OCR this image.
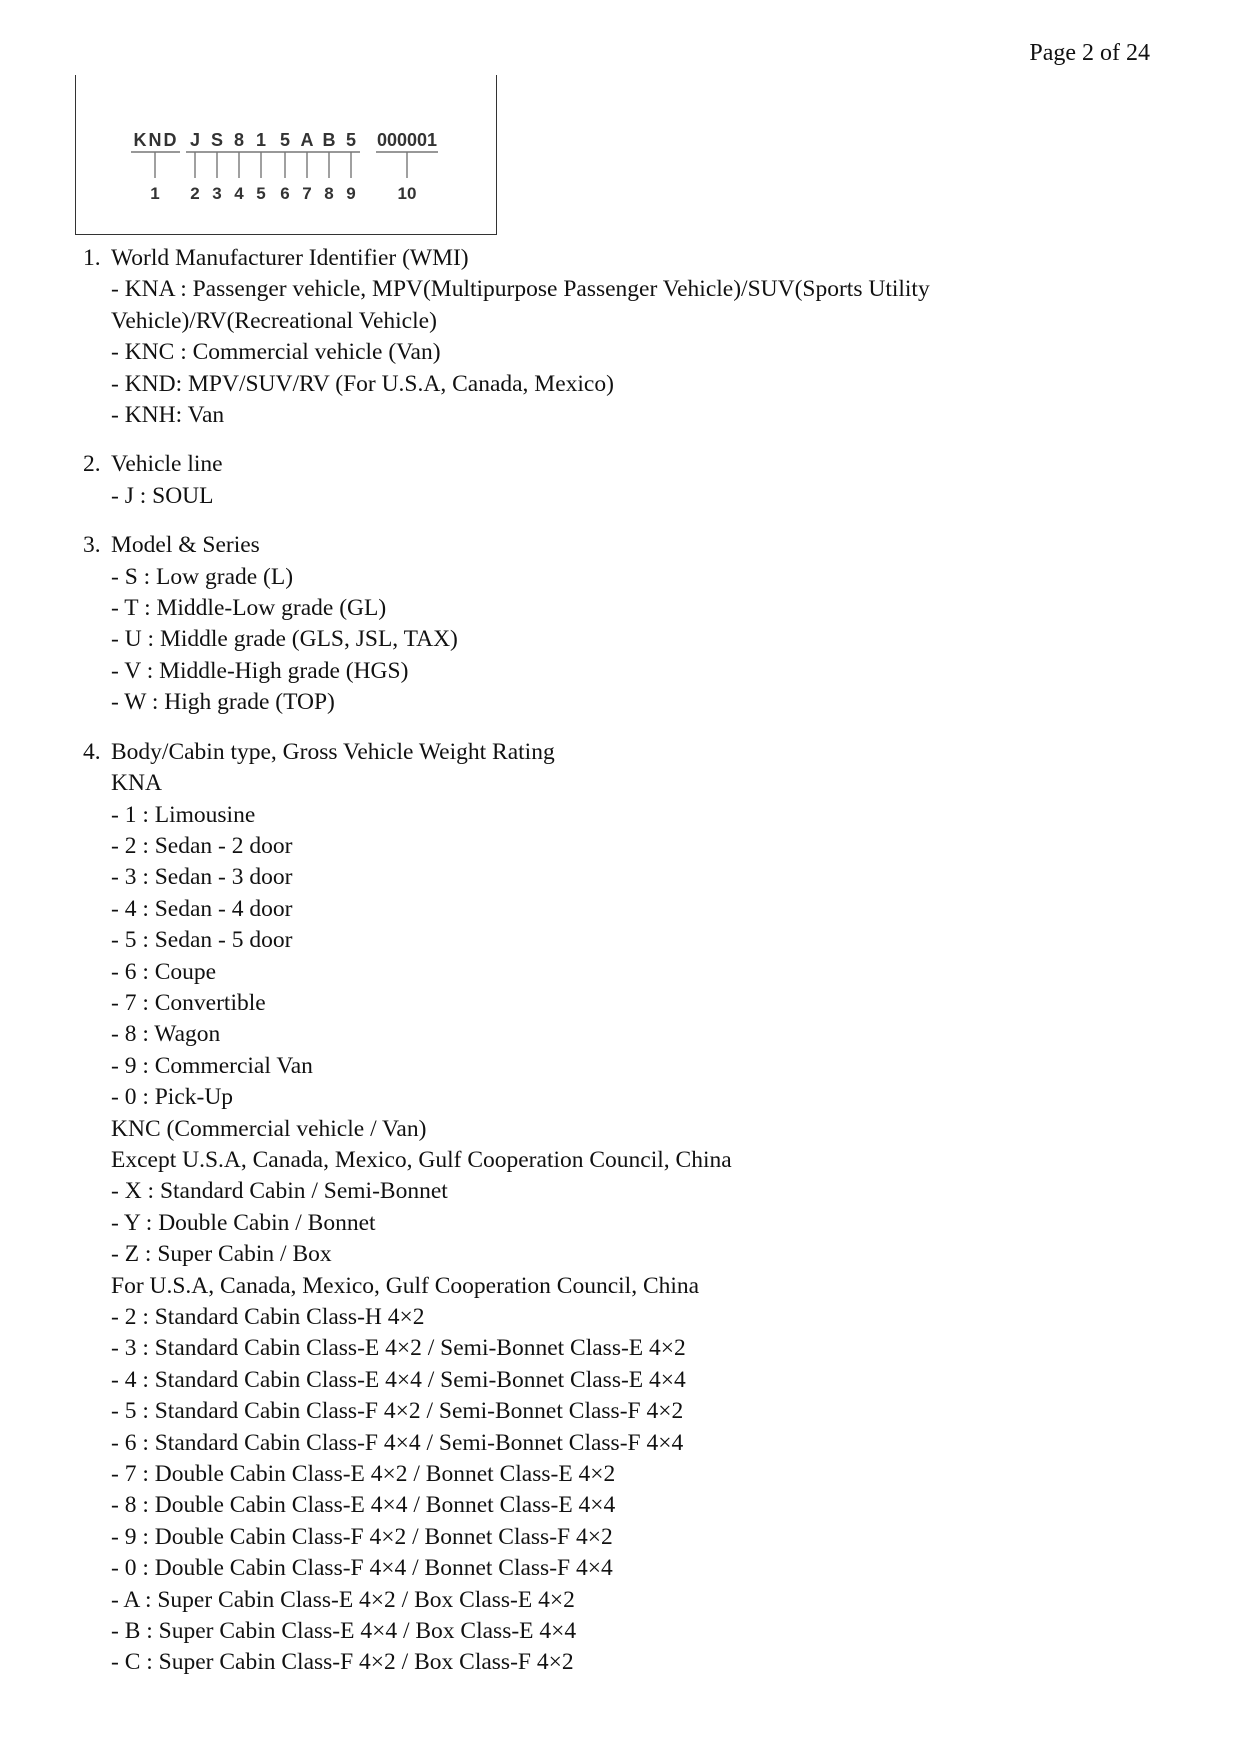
Page 2 of 24
K N D J S 8 1 5 A B 5 000001
1 2 3 4 5 6 7 8 9 10
1. World Manufacturer Identifier (WMI)
- KNA : Passenger vehicle, MPV(Multipurpose Passenger Vehicle)/SUV(Sports Utility
Vehicle)/RV(Recreational Vehicle)
- KNC : Commercial vehicle (Van)
- KND: MPV/SUV/RV (For U.S.A, Canada, Mexico)
- KNH: Van
2. Vehicle line
- J : SOUL
3. Model & Series
- S : Low grade (L)
- T : Middle-Low grade (GL)
- U : Middle grade (GLS, JSL, TAX)
- V : Middle-High grade (HGS)
- W : High grade (TOP)
4. Body/Cabin type, Gross Vehicle Weight Rating
KNA
- 1 : Limousine
- 2 : Sedan - 2 door
- 3 : Sedan - 3 door
- 4 : Sedan - 4 door
- 5 : Sedan - 5 door
- 6 : Coupe
- 7 : Convertible
- 8 : Wagon
- 9 : Commercial Van
- 0 : Pick-Up
KNC (Commercial vehicle / Van)
Except U.S.A, Canada, Mexico, Gulf Cooperation Council, China
- X : Standard Cabin / Semi-Bonnet
- Y : Double Cabin / Bonnet
- Z : Super Cabin / Box
For U.S.A, Canada, Mexico, Gulf Cooperation Council, China
- 2 : Standard Cabin Class-H 4×2
- 3 : Standard Cabin Class-E 4×2 / Semi-Bonnet Class-E 4×2
- 4 : Standard Cabin Class-E 4×4 / Semi-Bonnet Class-E 4×4
- 5 : Standard Cabin Class-F 4×2 / Semi-Bonnet Class-F 4×2
- 6 : Standard Cabin Class-F 4×4 / Semi-Bonnet Class-F 4×4
- 7 : Double Cabin Class-E 4×2 / Bonnet Class-E 4×2
- 8 : Double Cabin Class-E 4×4 / Bonnet Class-E 4×4
- 9 : Double Cabin Class-F 4×2 / Bonnet Class-F 4×2
- 0 : Double Cabin Class-F 4×4 / Bonnet Class-F 4×4
- A : Super Cabin Class-E 4×2 / Box Class-E 4×2
- B : Super Cabin Class-E 4×4 / Box Class-E 4×4
- C : Super Cabin Class-F 4×2 / Box Class-F 4×2
